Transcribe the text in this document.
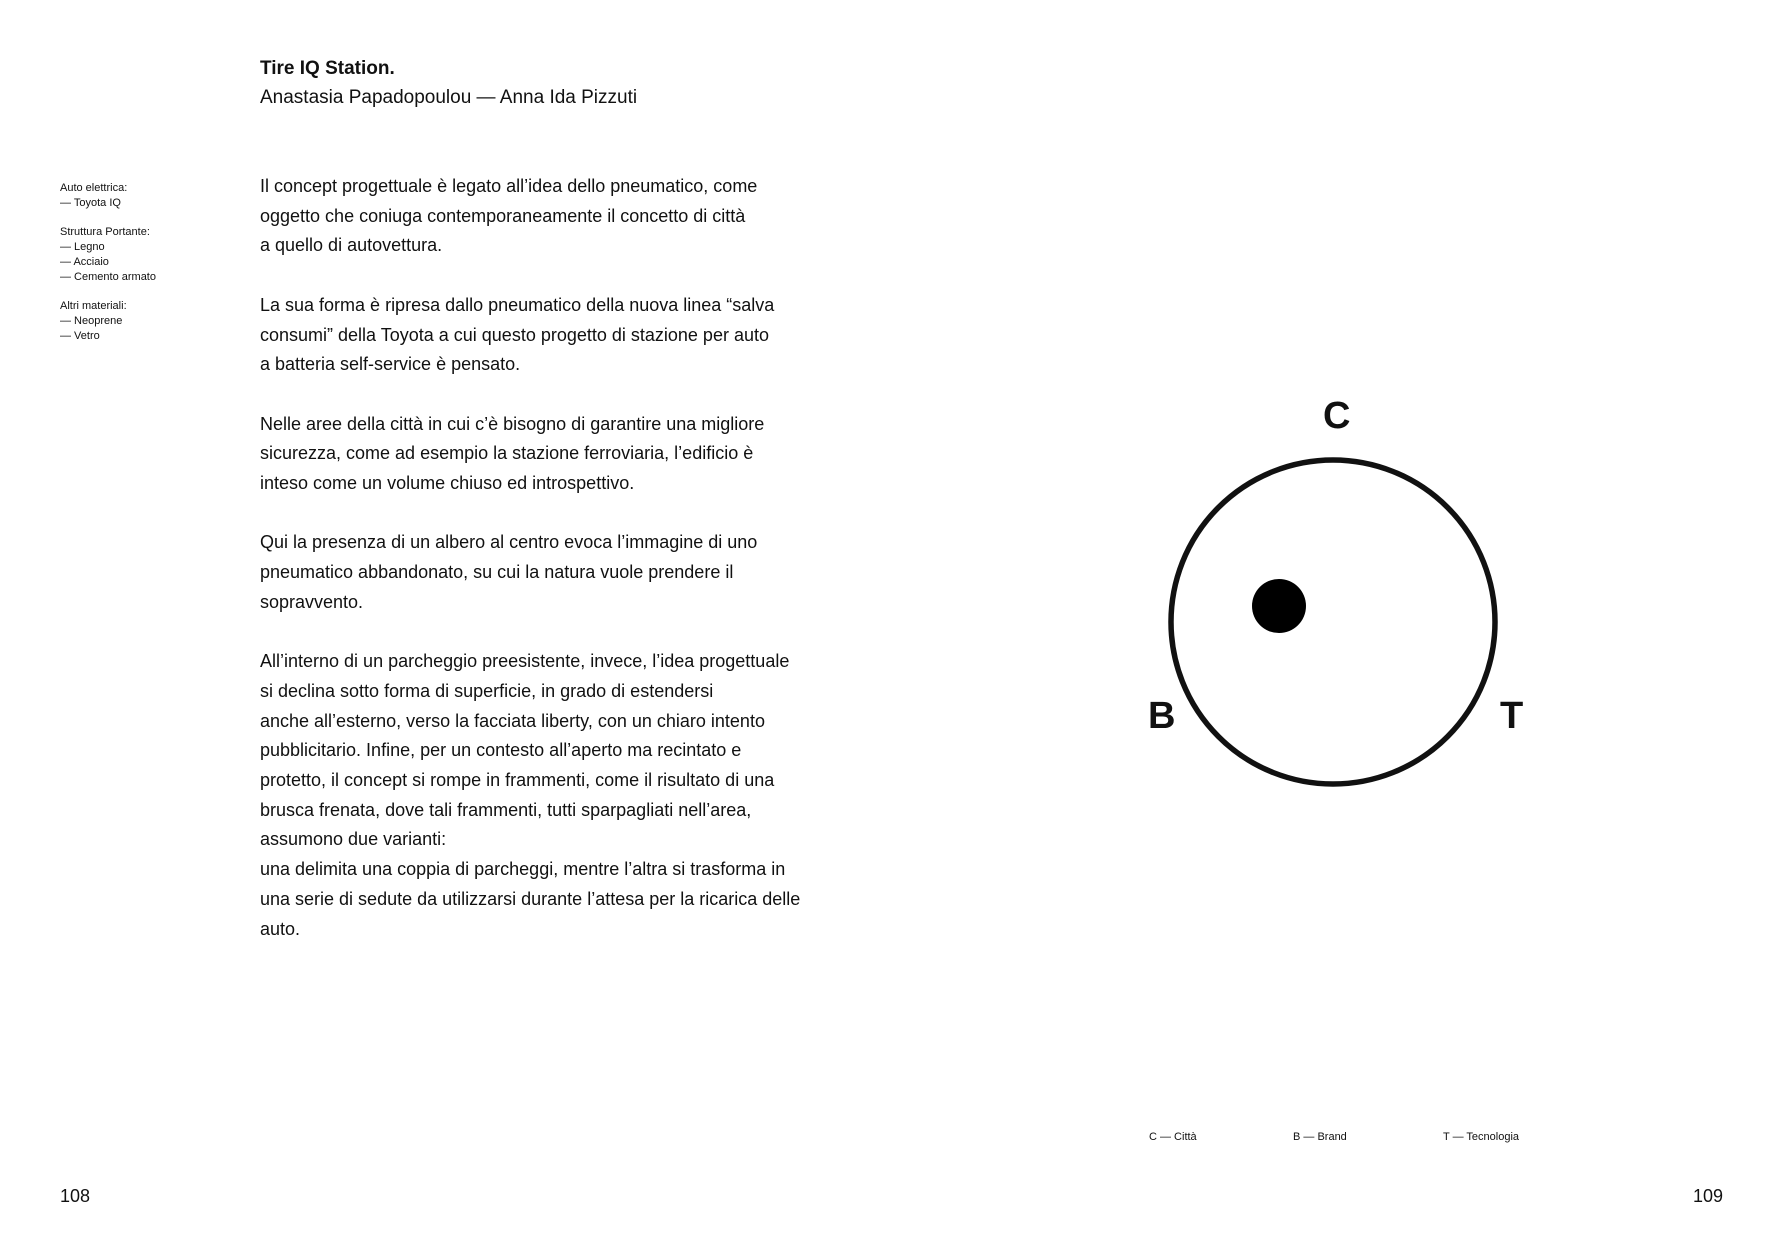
Tire IQ Station.
Anastasia Papadopoulou — Anna Ida Pizzuti
Auto elettrica:
— Toyota IQ
Struttura Portante:
— Legno
— Acciaio
— Cemento armato
Altri materiali:
— Neoprene
— Vetro

Il concept progettuale è legato all’idea dello pneumatico, come
oggetto che coniuga contemporaneamente il concetto di città
a quello di autovettura.

La sua forma è ripresa dallo pneumatico della nuova linea “salva
consumi” della Toyota a cui questo progetto di stazione per auto
a batteria self-service è pensato.

Nelle aree della città in cui c’è bisogno di garantire una migliore
sicurezza, come ad esempio la stazione ferroviaria, l’edificio è
inteso come un volume chiuso ed introspettivo.

Qui la presenza di un albero al centro evoca l’immagine di uno
pneumatico abbandonato, su cui la natura vuole prendere il
sopravvento.

All’interno di un parcheggio preesistente, invece, l’idea progettuale
si declina sotto forma di superficie, in grado di estendersi
anche all’esterno, verso la facciata liberty, con un chiaro intento
pubblicitario. Infine, per un contesto all’aperto ma recintato e
protetto, il concept si rompe in frammenti, come il risultato di una
brusca frenata, dove tali frammenti, tutti sparpagliati nell’area,
assumono due varianti:
una delimita una coppia di parcheggi, mentre l’altra si trasforma in
una serie di sedute da utilizzarsi durante l’attesa per la ricarica delle
auto.

C
B	T
C — Città	B — Brand	T — Tecnologia
108	109
